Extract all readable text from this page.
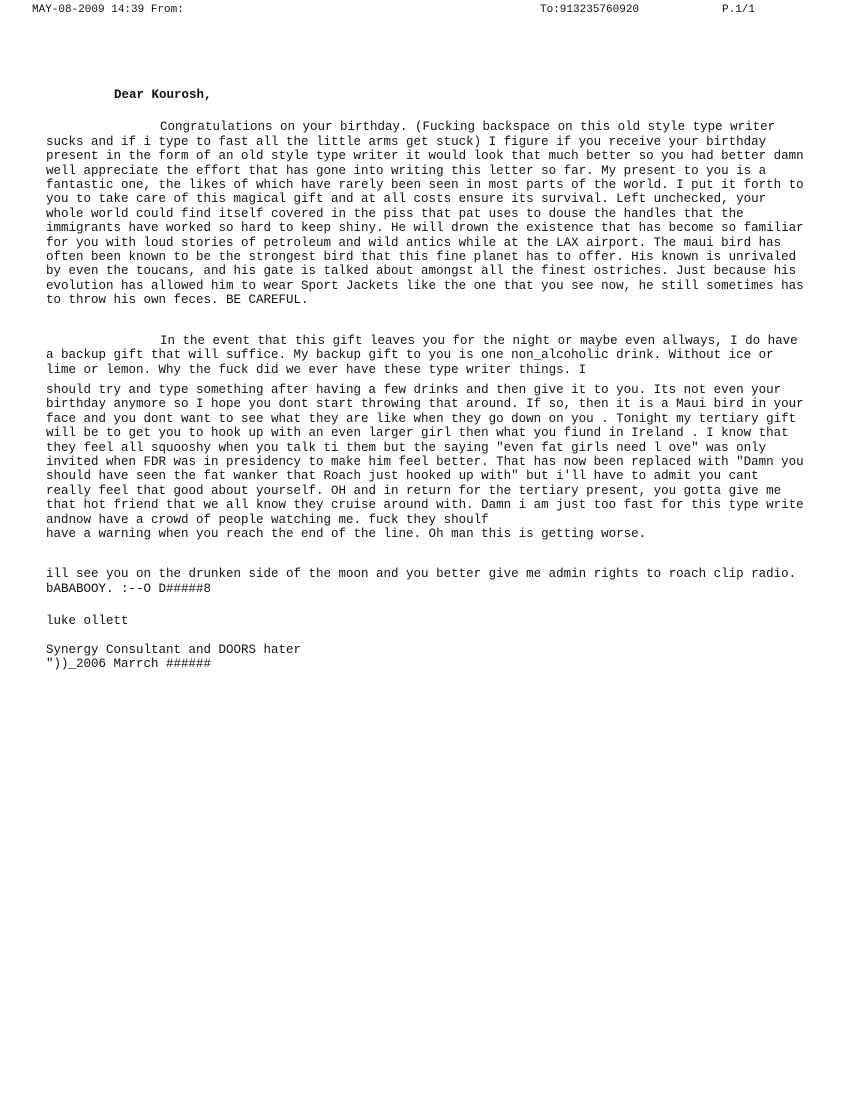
MAY-08-2009 14:39 From:	To:913235760920	P.1/1

Dear Kourosh,

Congratulations on your birthday. (Fucking backspace on this old style type writer sucks and if i type to fast all the little arms get stuck) I figure if you receive your birthday present in the form of an old style type writer it would look that much better so you had better damn well appreciate the effort that has gone into writing this letter so far. My present to you is a fantastic one, the likes of which have rarely been seen in most parts of the world. I put it forth to you to take care of this magical gift and at all costs ensure its survival. Left unchecked, your whole world could find itself covered in the piss that pat uses to douse the handles that the immigrants have worked so hard to keep shiny. He will drown the existence that has become so familiar for you with loud stories of petroleum and wild antics while at the LAX airport. The maui bird has often been known to be the strongest bird that this fine planet has to offer. His known is unrivaled by even the toucans, and his gate is talked about amongst all the finest ostriches. Just because his evolution has allowed him to wear Sport Jackets like the one that you see now, he still sometimes has to throw his own feces. BE CAREFUL.

In the event that this gift leaves you for the night or maybe even allways, I do have a backup gift that will suffice. My backup gift to you is one non_alcoholic drink. Without ice or lime or lemon. Why the fuck did we ever have these type writer things. I

should try and type something after having a few drinks and then give it to you. Its not even your birthday anymore so I hope you dont start throwing that around. If so, then it is a Maui bird in your face and you dont want to see what they are like when they go down on you . Tonight my tertiary gift will be to get you to hook up with an even larger girl then what you fiund in Ireland . I know that they feel all squooshy when you talk ti them but the saying "even fat girls need l ove" was only invited when FDR was in presidency to make him feel better. That has now been replaced with "Damn you should have seen the fat wanker that Roach just hooked up with" but i'll have to admit you cant really feel that good about yourself. OH and in return for the tertiary present, you gotta give me that hot friend that we all know they cruise around with. Damn i am just too fast for this type write andnow have a crowd of people watching me. fuck they shoulf

have a warning when you reach the end of the line. Oh man this is getting worse.

ill see you on the drunken side of the moon and you better give me admin rights to roach clip radio. bABABOOY. :--O D#####8

luke ollett

Synergy Consultant and DOORS hater

"))_2006 Marrch ######
